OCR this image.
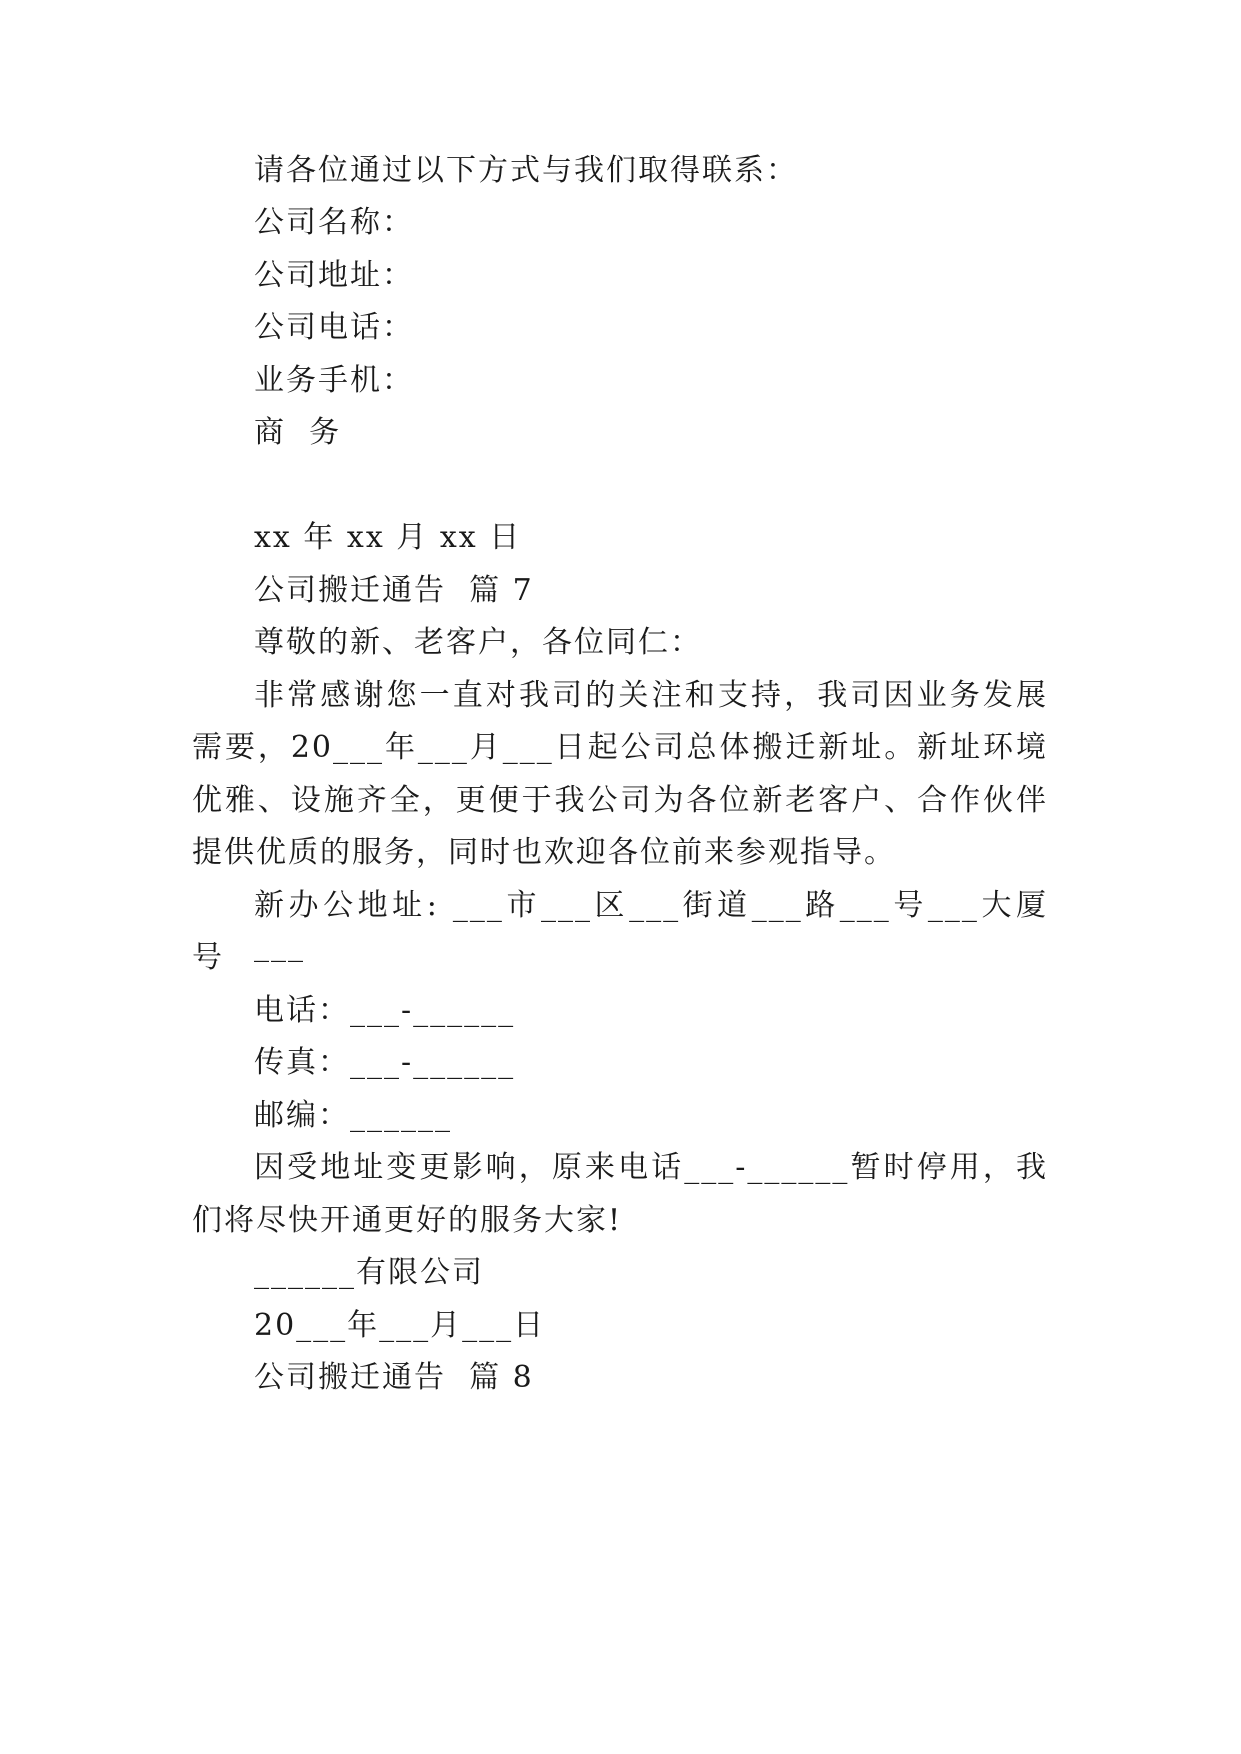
请各位通过以下方式与我们取得联系：
公司名称：
公司地址：
公司电话：
业务手机：
商  务
xx 年 xx 月 xx 日
公司搬迁通告  篇 7
尊敬的新、老客户，各位同仁：
非常感谢您一直对我司的关注和支持，我司因业务发展
需要，20___年___月___日起公司总体搬迁新址。新址环境
优雅、设施齐全，更便于我公司为各位新老客户、合作伙伴
提供优质的服务，同时也欢迎各位前来参观指导。
新办公地址: ___市___区___街道___路___号___大厦___
号
电话：___-______
传真：___-______
邮编：______
因受地址变更影响，原来电话___-______暂时停用，我
们将尽快开通更好的服务大家!
______有限公司
20___年___月___日
公司搬迁通告  篇 8
